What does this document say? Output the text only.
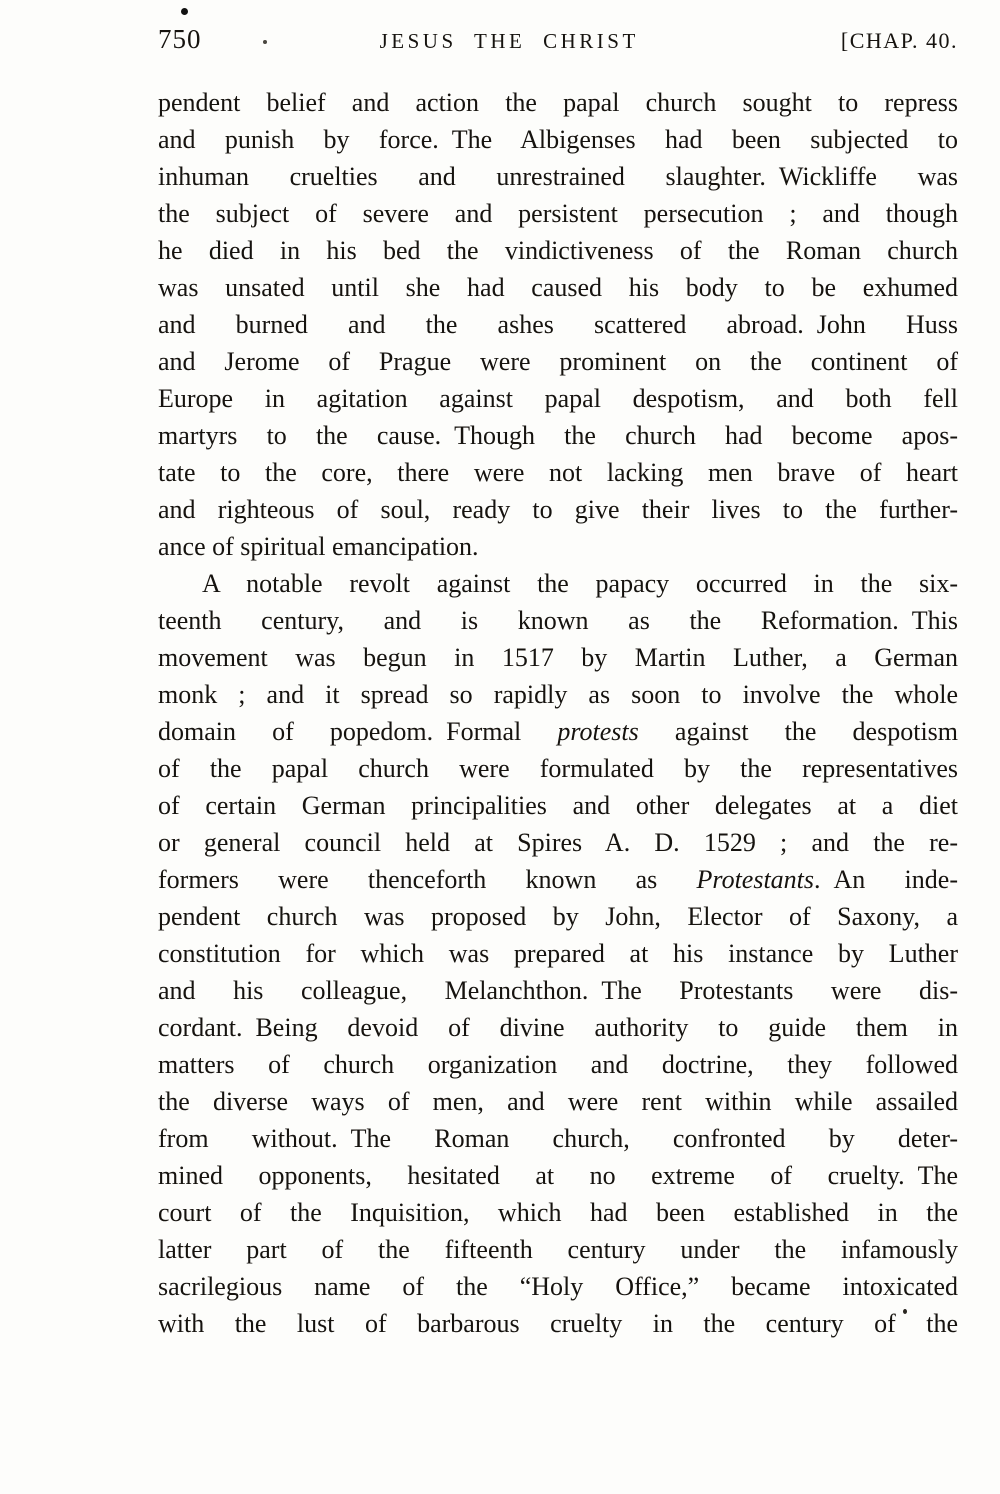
750	JESUS THE CHRIST	[CHAP. 40.
pendent belief and action the papal church sought to repress
and punish by force. The Albigenses had been subjected to
inhuman cruelties and unrestrained slaughter. Wickliffe was
the subject of severe and persistent persecution ; and though
he died in his bed the vindictiveness of the Roman church
was unsated until she had caused his body to be exhumed
and burned and the ashes scattered abroad. John Huss
and Jerome of Prague were prominent on the continent of
Europe in agitation against papal despotism, and both fell
martyrs to the cause. Though the church had become apos-
tate to the core, there were not lacking men brave of heart
and righteous of soul, ready to give their lives to the further-
ance of spiritual emancipation.
A notable revolt against the papacy occurred in the six-
teenth century, and is known as the Reformation. This
movement was begun in 1517 by Martin Luther, a German
monk ; and it spread so rapidly as soon to involve the whole
domain of popedom. Formal protests against the despotism
of the papal church were formulated by the representatives
of certain German principalities and other delegates at a diet
or general council held at Spires A. D. 1529 ; and the re-
formers were thenceforth known as Protestants. An inde-
pendent church was proposed by John, Elector of Saxony, a
constitution for which was prepared at his instance by Luther
and his colleague, Melanchthon. The Protestants were dis-
cordant. Being devoid of divine authority to guide them in
matters of church organization and doctrine, they followed
the diverse ways of men, and were rent within while assailed
from without. The Roman church, confronted by deter-
mined opponents, hesitated at no extreme of cruelty. The
court of the Inquisition, which had been established in the
latter part of the fifteenth century under the infamously
sacrilegious name of the “Holy Office,” became intoxicated
with the lust of barbarous cruelty in the century of the
